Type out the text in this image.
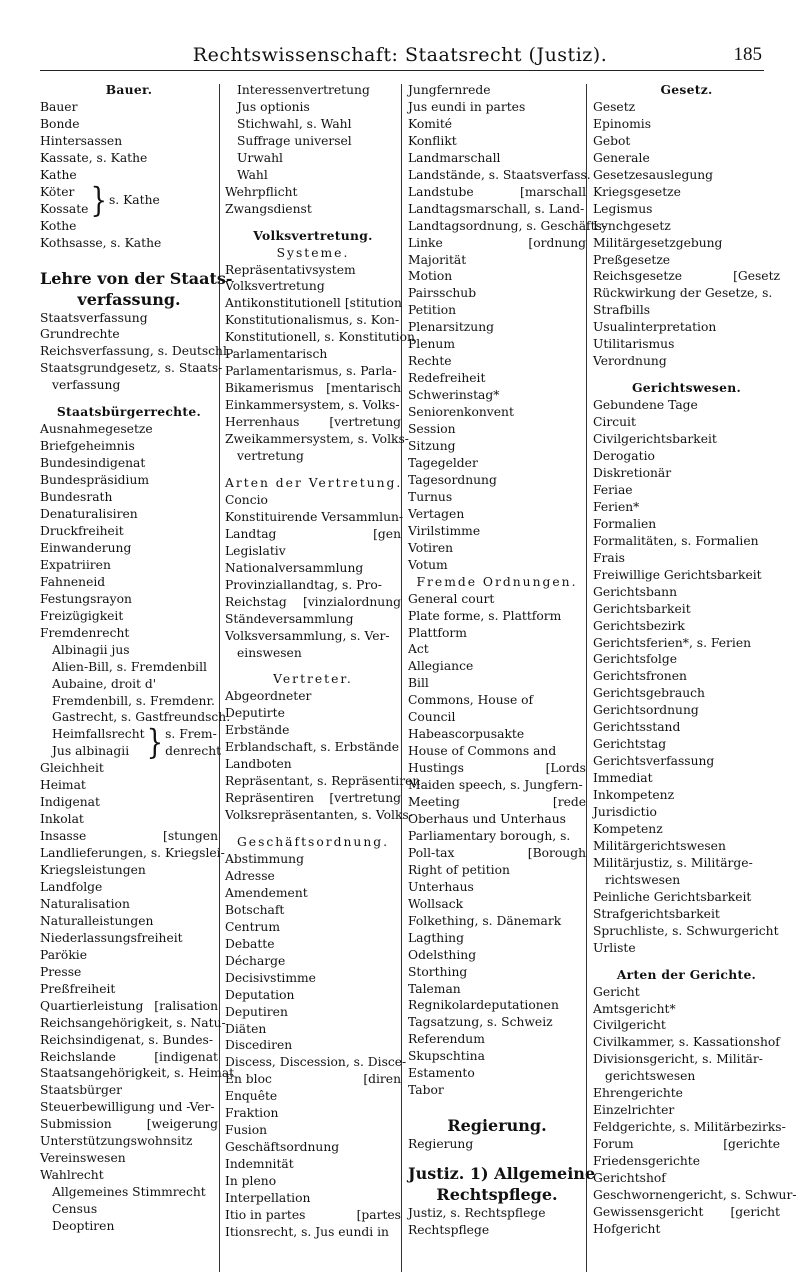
Rechtswissenschaft: Staatsrecht (Justiz).	185
Bauer.
Bauer
Bonde
Hintersassen
Kassate, s. Kathe
Kathe
Köter
Kossate } s. Kathe
Kothe
Kothsasse, s. Kathe
Lehre von der Staats-
verfassung.
Staatsverfassung
Grundrechte
Reichsverfassung, s. Deutschl.
Staatsgrundgesetz, s. Staats-
verfassung
Staatsbürgerrechte.
Ausnahmegesetze
Briefgeheimnis
Bundesindigenat
Bundespräsidium
Bundesrath
Denaturalisiren
Druckfreiheit
Einwanderung
Expatriiren
Fahneneid
Festungsrayon
Freizügigkeit
Fremdenrecht
Albinagii jus
Alien-Bill, s. Fremdenbill
Aubaine, droit d'
Fremdenbill, s. Fremdenr.
Gastrecht, s. Gastfreundsch.
Heimfallsrecht
Jus albinagii } s. Frem- denrecht
Gleichheit
Heimat
Indigenat
Inkolat
Insasse	[stungen
Landlieferungen, s. Kriegslei-
Kriegsleistungen
Landfolge
Naturalisation
Naturalleistungen
Niederlassungsfreiheit
Parökie
Presse
Preßfreiheit
Quartierleistung [ralisation
Reichsangehörigkeit, s. Natu-
Reichsindigenat, s. Bundes-
Reichslande	[indigenat
Staatsangehörigkeit, s. Heimat
Staatsbürger
Steuerbewilligung und -Ver-
Submission	[weigerung
Unterstützungswohnsitz
Vereinswesen
Wahlrecht
Allgemeines Stimmrecht
Census
Deoptiren
Interessenvertretung
Jus optionis
Stichwahl, s. Wahl
Suffrage universel
Urwahl
Wahl
Wehrpflicht
Zwangsdienst
Volksvertretung.
Systeme.
Repräsentativsystem
Volksvertretung
Antikonstitutionell [stitution
Konstitutionalismus, s. Kon-
Konstitutionell, s. Konstitution
Parlamentarisch
Parlamentarismus, s. Parla-
Bikamerismus	[mentarisch
Einkammersystem, s. Volks-
Herrenhaus	[vertretung
Zweikammersystem, s. Volks-
vertretung
Arten der Vertretung.
Concio
Konstituirende Versammlun-
Landtag	[gen
Legislativ
Nationalversammlung
Provinziallandtag, s. Pro-
Reichstag	[vinzialordnung
Ständeversammlung
Volksversammlung, s. Ver-
einswesen
Vertreter.
Abgeordneter
Deputirte
Erbstände
Erblandschaft, s. Erbstände
Landboten
Repräsentant, s. Repräsentiren
Repräsentiren	[vertretung
Volksrepräsentanten, s. Volks-
Geschäftsordnung.
Abstimmung
Adresse
Amendement
Botschaft
Centrum
Debatte
Décharge
Decisivstimme
Deputation
Deputiren
Diäten
Discediren
Discess, Discession, s. Disce-
En bloc	[diren
Enquête
Fraktion
Fusion
Geschäftsordnung
Indemnität
In pleno
Interpellation
Itio in partes	[partes
Itionsrecht, s. Jus eundi in
Jungfernrede
Jus eundi in partes
Komité
Konflikt
Landmarschall
Landstände, s. Staatsverfass.
Landstube	[marschall
Landtagsmarschall, s. Land-
Landtagsordnung, s. Geschäfts-
Linke	[ordnung
Majorität
Motion
Pairsschub
Petition
Plenarsitzung
Plenum
Rechte
Redefreiheit
Schwerinstag*
Seniorenkonvent
Session
Sitzung
Tagegelder
Tagesordnung
Turnus
Vertagen
Virilstimme
Votiren
Votum
Fremde Ordnungen.
General court
Plate forme, s. Plattform
Plattform
Act
Allegiance
Bill
Commons, House of
Council
Habeascorpusakte
House of Commons and
Hustings	[Lords
Maiden speech, s. Jungfern-
Meeting	[rede
Oberhaus und Unterhaus
Parliamentary borough, s.
Poll-tax	[Borough
Right of petition
Unterhaus
Wollsack
Folkething, s. Dänemark
Lagthing
Odelsthing
Storthing
Taleman
Regnikolardeputationen
Tagsatzung, s. Schweiz
Referendum
Skupschtina
Estamento
Tabor
Regierung.
Regierung
Justiz. 1) Allgemeine
Rechtspflege.
Justiz, s. Rechtspflege
Rechtspflege
Gesetz.
Gesetz
Epinomis
Gebot
Generale
Gesetzesauslegung
Kriegsgesetze
Legismus
Lynchgesetz
Militärgesetzgebung
Preßgesetze
Reichsgesetze	[Gesetz
Rückwirkung der Gesetze, s.
Strafbills
Usualinterpretation
Utilitarismus
Verordnung
Gerichtswesen.
Gebundene Tage
Circuit
Civilgerichtsbarkeit
Derogatio
Diskretionär
Feriae
Ferien*
Formalien
Formalitäten, s. Formalien
Frais
Freiwillige Gerichtsbarkeit
Gerichtsbann
Gerichtsbarkeit
Gerichtsbezirk
Gerichtsferien*, s. Ferien
Gerichtsfolge
Gerichtsfronen
Gerichtsgebrauch
Gerichtsordnung
Gerichtsstand
Gerichtstag
Gerichtsverfassung
Immediat
Inkompetenz
Jurisdictio
Kompetenz
Militärgerichtswesen
Militärjustiz, s. Militärge-
richtswesen
Peinliche Gerichtsbarkeit
Strafgerichtsbarkeit
Spruchliste, s. Schwurgericht
Urliste
Arten der Gerichte.
Gericht
Amtsgericht*
Civilgericht
Civilkammer, s. Kassationshof
Divisionsgericht, s. Militär-
gerichtswesen
Ehrengerichte
Einzelrichter
Feldgerichte, s. Militärbezirks-
Forum	[gerichte
Friedensgerichte
Gerichtshof
Geschwornengericht, s. Schwur-
Gewissensgericht	[gericht
Hofgericht
